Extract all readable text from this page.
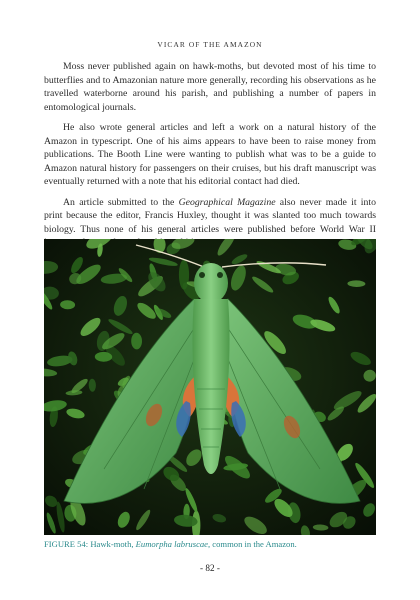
VICAR OF THE AMAZON

Moss never published again on hawk-moths, but devoted most of his time to butterflies and to Amazonian nature more generally, recording his observations as he travelled waterborne around his parish, and publishing a number of papers in entomological journals.

He also wrote general articles and left a work on a natural history of the Amazon in typescript. One of his aims appears to have been to raise money from publications. The Booth Line were wanting to publish what was to be a guide to Amazon natural history for passengers on their cruises, but his draft manuscript was eventually returned with a note that his editorial contact had died.

An article submitted to the Geographical Magazine also never made it into print because the editor, Francis Huxley, thought it was slanted too much towards biology. Thus none of his general articles were published before World War II

FIGURE 54: Hawk-moth, Eumorpha labruscae, common in the Amazon.
- 82 -
